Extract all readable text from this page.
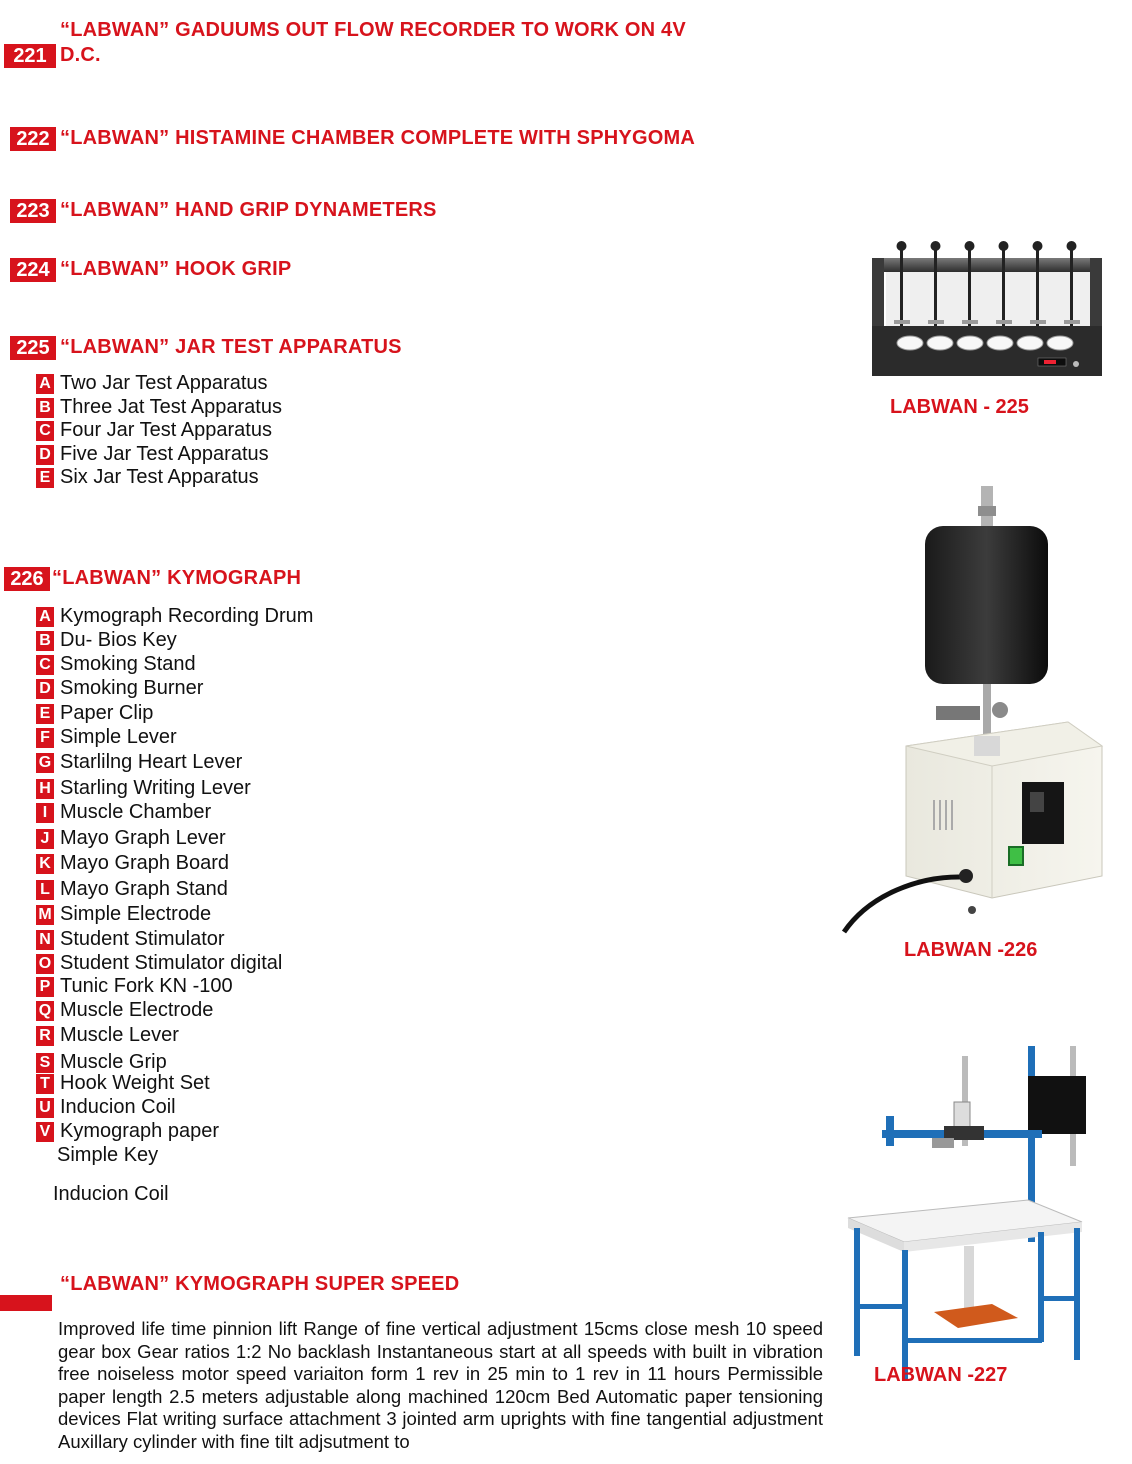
221
“LABWAN” GADUUMS OUT FLOW RECORDER TO WORK ON 4V
D.C.
222 “LABWAN” HISTAMINE CHAMBER COMPLETE WITH SPHYGOMA
223 “LABWAN” HAND GRIP DYNAMETERS
224 “LABWAN” HOOK GRIP
225 “LABWAN” JAR TEST APPARATUS
A Two Jar Test Apparatus
B Three Jat Test Apparatus
C Four Jar Test Apparatus
D Five Jar Test Apparatus
E Six Jar Test Apparatus
226 “LABWAN” KYMOGRAPH
A Kymograph Recording Drum
B Du- Bios Key
C Smoking Stand
D Smoking Burner
E Paper Clip
F Simple Lever
G Starlilng Heart Lever
H Starling Writing Lever
I Muscle Chamber
J Mayo Graph Lever
K Mayo Graph Board
L Mayo Graph Stand
M Simple Electrode
N Student Stimulator
O Student Stimulator digital
P Tunic Fork KN -100
Q Muscle Electrode
R Muscle Lever
S Muscle Grip
T Hook Weight Set
U Inducion Coil
V Kymograph paper
Simple Key
Inducion Coil
“LABWAN” KYMOGRAPH SUPER SPEED
Improved life time pinnion lift Range of fine vertical adjustment 15cms close mesh 10 speed gear box Gear ratios 1:2 No backlash Instantaneous start at all speeds with built in vibration free noiseless motor speed variaiton form 1 rev in 25 min to 1 rev in 11 hours Permissible paper length 2.5 meters adjustable along machined 120cm Bed Automatic paper tensioning devices Flat writing surface attachment 3 jointed arm uprights with fine tangential adjustment Auxillary cylinder with fine tilt adjsutment to
LABWAN - 225
LABWAN -226
LABWAN -227
